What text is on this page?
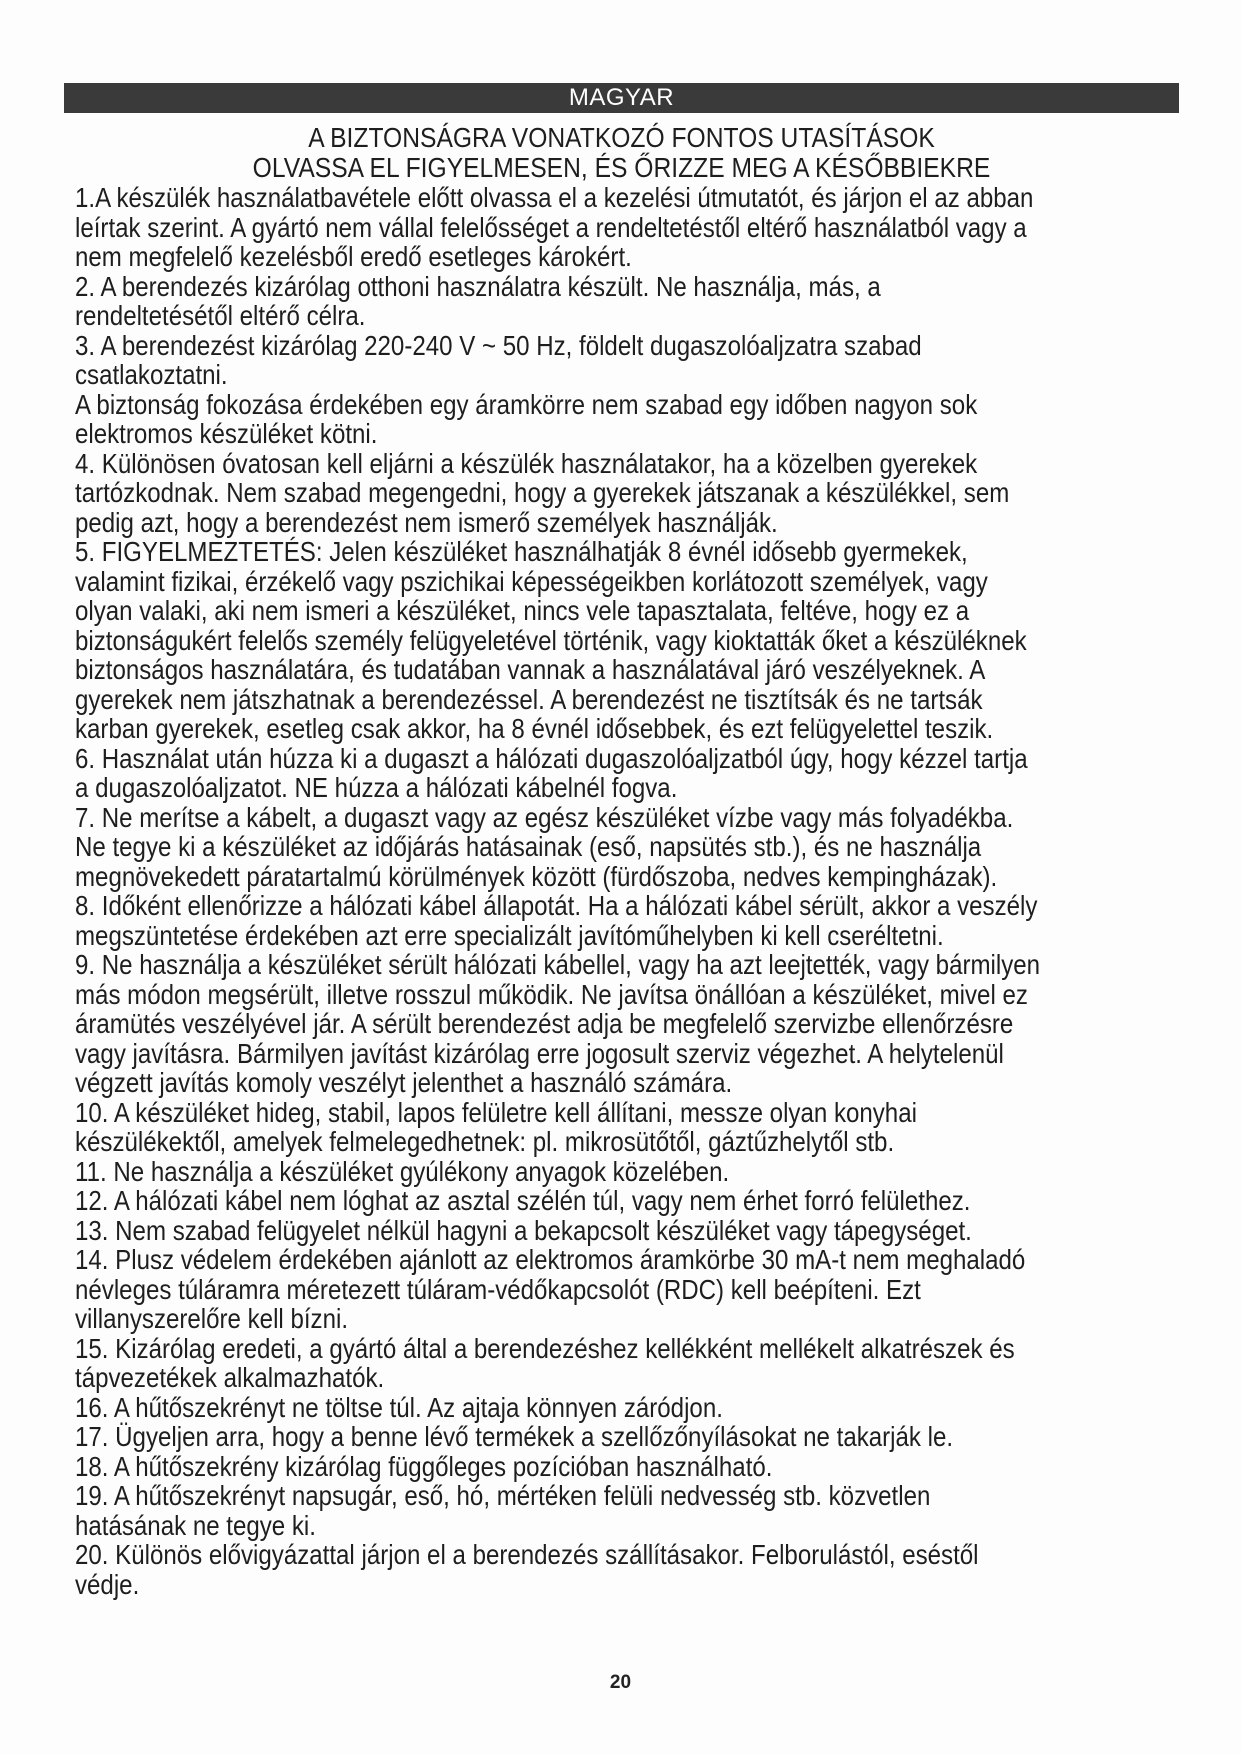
MAGYAR
A BIZTONSÁGRA VONATKOZÓ FONTOS UTASÍTÁSOK
OLVASSA EL FIGYELMESEN, ÉS ŐRIZZE MEG A KÉSŐBBIEKRE
1.A készülék használatbavétele előtt olvassa el a kezelési útmutatót, és járjon el az abban
leírtak szerint. A gyártó nem vállal felelősséget a rendeltetéstől eltérő használatból vagy a
nem megfelelő kezelésből eredő esetleges károkért.
2. A berendezés kizárólag otthoni használatra készült. Ne használja, más, a
rendeltetésétől eltérő célra.
3. A berendezést kizárólag 220-240 V ~ 50 Hz, földelt dugaszolóaljzatra szabad
csatlakoztatni.
A biztonság fokozása érdekében egy áramkörre nem szabad egy időben nagyon sok
elektromos készüléket kötni.
4. Különösen óvatosan kell eljárni a készülék használatakor, ha a közelben gyerekek
tartózkodnak. Nem szabad megengedni, hogy a gyerekek játszanak a készülékkel, sem
pedig azt, hogy a berendezést nem ismerő személyek használják.
5. FIGYELMEZTETÉS: Jelen készüléket használhatják 8 évnél idősebb gyermekek,
valamint fizikai, érzékelő vagy pszichikai képességeikben korlátozott személyek, vagy
olyan valaki, aki nem ismeri a készüléket, nincs vele tapasztalata, feltéve, hogy ez a
biztonságukért felelős személy felügyeletével történik, vagy kioktatták őket a készüléknek
biztonságos használatára, és tudatában vannak a használatával járó veszélyeknek. A
gyerekek nem játszhatnak a berendezéssel. A berendezést ne tisztítsák és ne tartsák
karban gyerekek, esetleg csak akkor, ha 8 évnél idősebbek, és ezt felügyelettel teszik.
6. Használat után húzza ki a dugaszt a hálózati dugaszolóaljzatból úgy, hogy kézzel tartja
a dugaszolóaljzatot. NE húzza a hálózati kábelnél fogva.
7. Ne merítse a kábelt, a dugaszt vagy az egész készüléket vízbe vagy más folyadékba.
Ne tegye ki a készüléket az időjárás hatásainak (eső, napsütés stb.), és ne használja
megnövekedett páratartalmú körülmények között (fürdőszoba, nedves kempingházak).
8. Időként ellenőrizze a hálózati kábel állapotát. Ha a hálózati kábel sérült, akkor a veszély
megszüntetése érdekében azt erre specializált javítóműhelyben ki kell cseréltetni.
9. Ne használja a készüléket sérült hálózati kábellel, vagy ha azt leejtették, vagy bármilyen
más módon megsérült, illetve rosszul működik. Ne javítsa önállóan a készüléket, mivel ez
áramütés veszélyével jár. A sérült berendezést adja be megfelelő szervizbe ellenőrzésre
vagy javításra. Bármilyen javítást kizárólag erre jogosult szerviz végezhet. A helytelenül
végzett javítás komoly veszélyt jelenthet a használó számára.
10. A készüléket hideg, stabil, lapos felületre kell állítani, messze olyan konyhai
készülékektől, amelyek felmelegedhetnek: pl. mikrosütőtől, gáztűzhelytől stb.
11. Ne használja a készüléket gyúlékony anyagok közelében.
12. A hálózati kábel nem lóghat az asztal szélén túl, vagy nem érhet forró felülethez.
13. Nem szabad felügyelet nélkül hagyni a bekapcsolt készüléket vagy tápegységet.
14. Plusz védelem érdekében ajánlott az elektromos áramkörbe 30 mA-t nem meghaladó
névleges túláramra méretezett túláram-védőkapcsolót (RDC) kell beépíteni. Ezt
villanyszerelőre kell bízni.
15. Kizárólag eredeti, a gyártó által a berendezéshez kellékként mellékelt alkatrészek és
tápvezetékek alkalmazhatók.
16. A hűtőszekrényt ne töltse túl. Az ajtaja könnyen záródjon.
17. Ügyeljen arra, hogy a benne lévő termékek a szellőzőnyílásokat ne takarják le.
18. A hűtőszekrény kizárólag függőleges pozícióban használható.
19. A hűtőszekrényt napsugár, eső, hó, mértéken felüli nedvesség stb. közvetlen
hatásának ne tegye ki.
20. Különös elővigyázattal járjon el a berendezés szállításakor. Felborulástól, eséstől
védje.
20
